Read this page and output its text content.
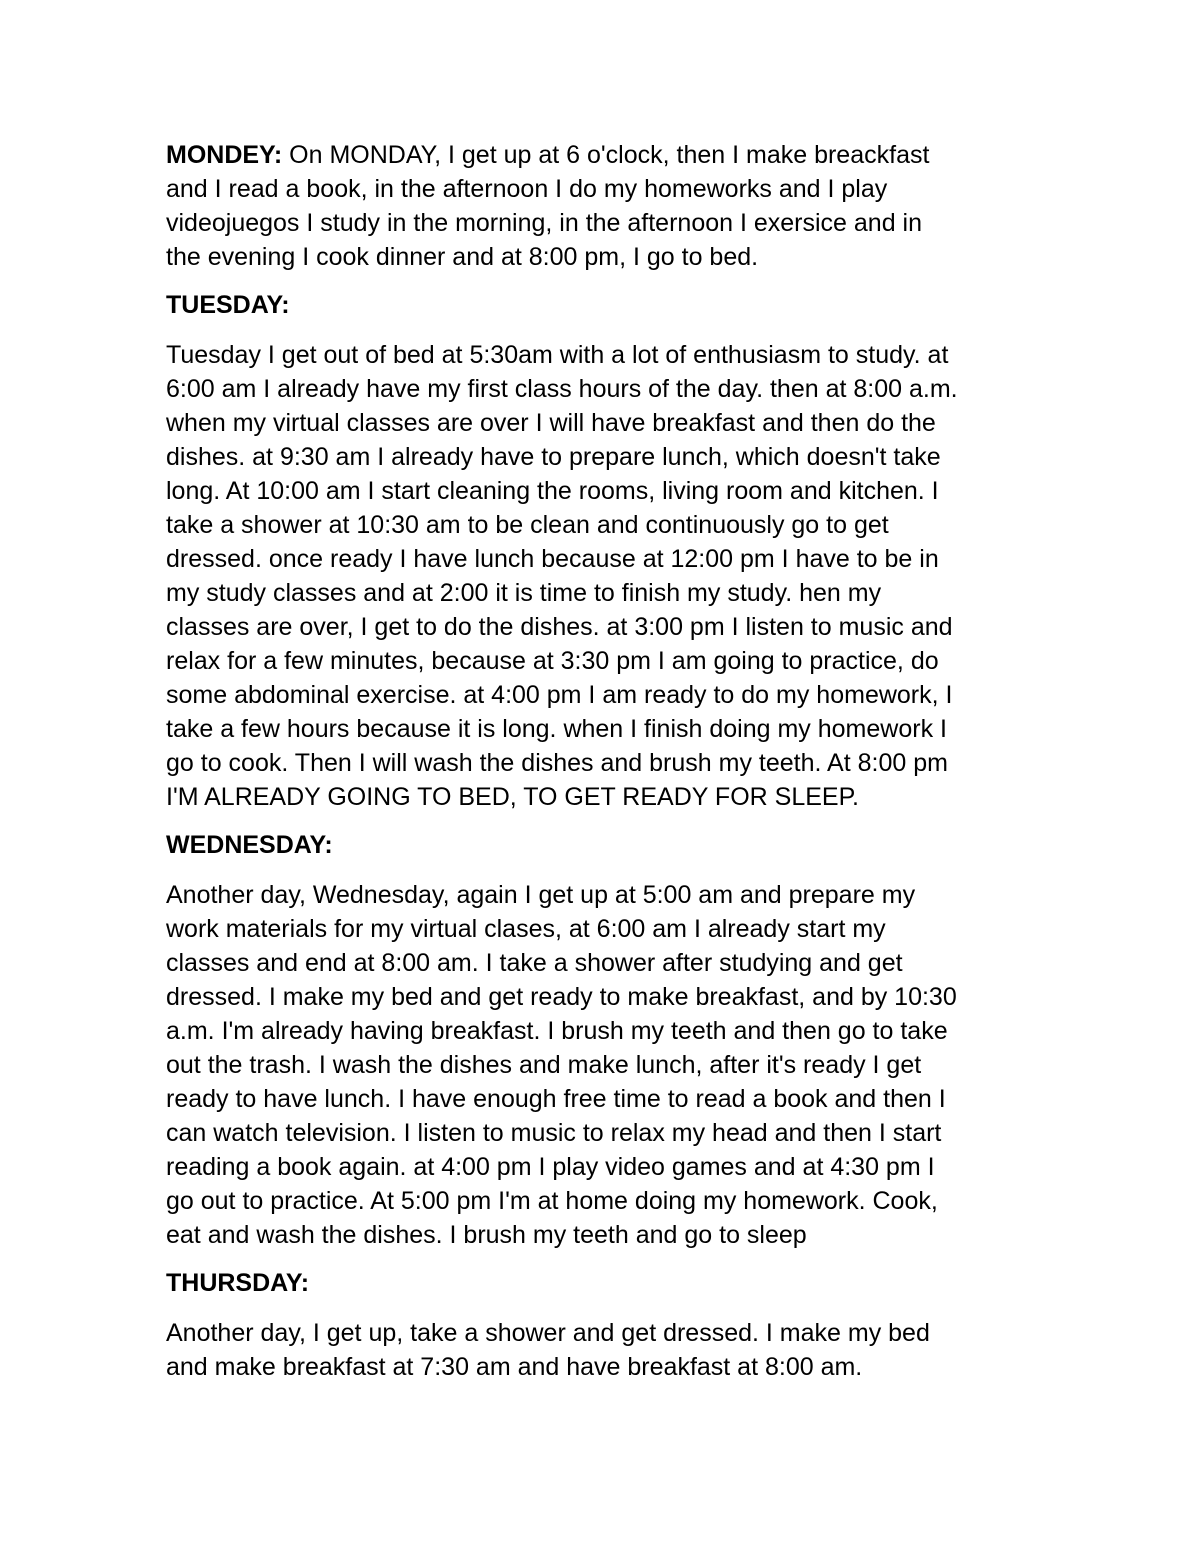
MONDEY: On MONDAY, I get up at 6 o'clock, then I make breackfast
and I read a book, in the afternoon I do my homeworks and I play
videojuegos I study in the morning, in the afternoon I exersice and in
the evening I cook dinner and at 8:00 pm, I go to bed.

TUESDAY:

Tuesday I get out of bed at 5:30am with a lot of enthusiasm to study. at
6:00 am I already have my first class hours of the day. then at 8:00 a.m.
when my virtual classes are over I will have breakfast and then do the
dishes. at 9:30 am I already have to prepare lunch, which doesn't take
long. At 10:00 am I start cleaning the rooms, living room and kitchen. I
take a shower at 10:30 am to be clean and continuously go to get
dressed. once ready I have lunch because at 12:00 pm I have to be in
my study classes and at 2:00 it is time to finish my study. hen my
classes are over, I get to do the dishes. at 3:00 pm I listen to music and
relax for a few minutes, because at 3:30 pm I am going to practice, do
some abdominal exercise. at 4:00 pm I am ready to do my homework, I
take a few hours because it is long. when I finish doing my homework I
go to cook. Then I will wash the dishes and brush my teeth. At 8:00 pm
I'M ALREADY GOING TO BED, TO GET READY FOR SLEEP.

WEDNESDAY:

Another day, Wednesday, again I get up at 5:00 am and prepare my
work materials for my virtual clases, at 6:00 am I already start my
classes and end at 8:00 am. I take a shower after studying and get
dressed. I make my bed and get ready to make breakfast, and by 10:30
a.m. I'm already having breakfast. I brush my teeth and then go to take
out the trash. I wash the dishes and make lunch, after it's ready I get
ready to have lunch. I have enough free time to read a book and then I
can watch television. I listen to music to relax my head and then I start
reading a book again. at 4:00 pm I play video games and at 4:30 pm I
go out to practice. At 5:00 pm I'm at home doing my homework. Cook,
eat and wash the dishes. I brush my teeth and go to sleep

THURSDAY:

Another day, I get up, take a shower and get dressed. I make my bed
and make breakfast at 7:30 am and have breakfast at 8:00 am.
